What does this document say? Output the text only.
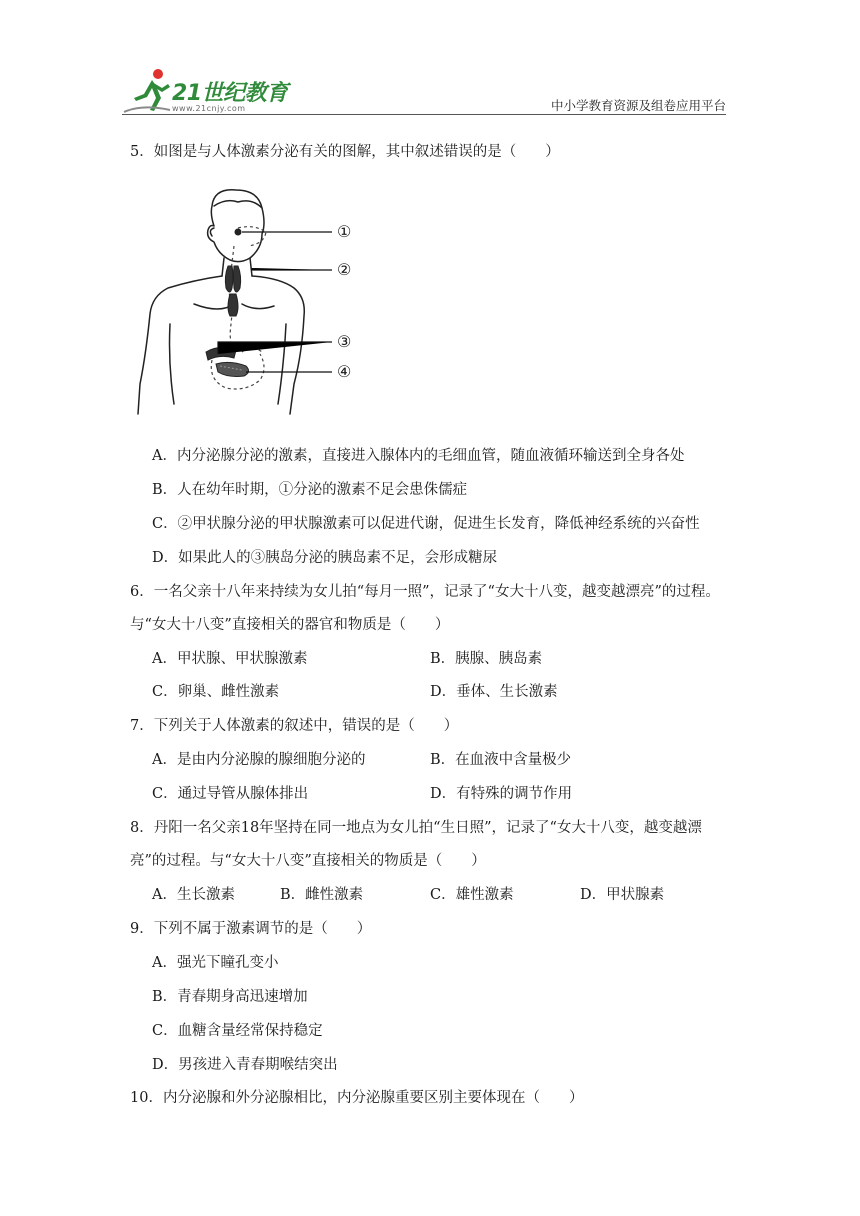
21世纪教育
www.21cnjy.com	中小学教育资源及组卷应用平台
5．如图是与人体激素分泌有关的图解，其中叙述错误的是（　　）
①
②
③
④
A．内分泌腺分泌的激素，直接进入腺体内的毛细血管，随血液循环输送到全身各处
B．人在幼年时期，①分泌的激素不足会患侏儒症
C．②甲状腺分泌的甲状腺激素可以促进代谢，促进生长发育，降低神经系统的兴奋性
D．如果此人的③胰岛分泌的胰岛素不足，会形成糖尿
6．一名父亲十八年来持续为女儿拍“每月一照”，记录了“女大十八变，越变越漂亮”的过程。
与“女大十八变”直接相关的器官和物质是（　　）
A．甲状腺、甲状腺激素	B．胰腺、胰岛素
C．卵巢、雌性激素	D．垂体、生长激素
7．下列关于人体激素的叙述中，错误的是（　　）
A．是由内分泌腺的腺细胞分泌的	B．在血液中含量极少
C．通过导管从腺体排出	D．有特殊的调节作用
8．丹阳一名父亲18年坚持在同一地点为女儿拍“生日照”，记录了“女大十八变，越变越漂
亮”的过程。与“女大十八变”直接相关的物质是（　　）
A．生长激素	B．雌性激素	C．雄性激素	D．甲状腺素
9．下列不属于激素调节的是（　　）
A．强光下瞳孔变小
B．青春期身高迅速增加
C．血糖含量经常保持稳定
D．男孩进入青春期喉结突出
10．内分泌腺和外分泌腺相比，内分泌腺重要区别主要体现在（　　）
